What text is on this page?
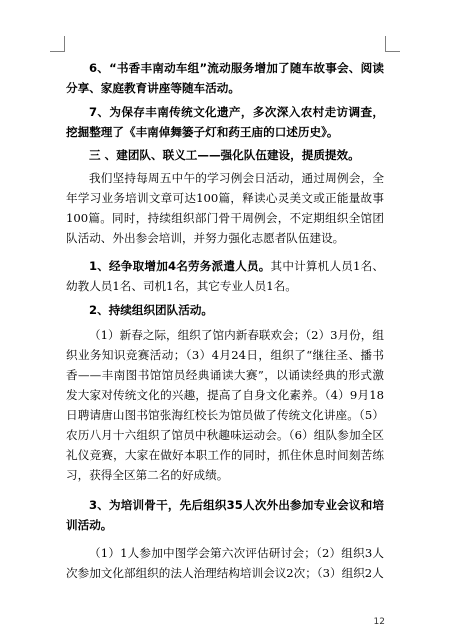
6、“书香丰南动车组”流动服务增加了随车故事会、阅读分享、家庭教育讲座等随车活动。
7、为保存丰南传统文化遗产，多次深入农村走访调查，挖掘整理了《丰南倬舞篓子灯和药王庙的口述历史》。
三 、建团队、联义工——强化队伍建设，提质提效。
我们坚持每周五中午的学习例会日活动，通过周例会，全年学习业务培训文章可达100篇，释读心灵美文或正能量故事100篇。同时，持续组织部门骨干周例会，不定期组织全馆团队活动、外出参会培训，并努力强化志愿者队伍建设。
1、经争取增加4名劳务派遣人员。其中计算机人员1名、幼教人员1名、司机1名，其它专业人员1名。
2、持续组织团队活动。
（1）新春之际，组织了馆内新春联欢会；（2）3月份，组织业务知识竞赛活动；（3）4月24日，组织了“继往圣、播书香——丰南图书馆馆员经典诵读大赛”，以诵读经典的形式激发大家对传统文化的兴趣，提高了自身文化素养。（4）9月18日聘请唐山图书馆张海红校长为馆员做了传统文化讲座。（5）农历八月十六组织了馆员中秋趣味运动会。（6）组队参加全区礼仪竞赛，大家在做好本职工作的同时，抓住休息时间刻苦练习，获得全区第二名的好成绩。
3、为培训骨干，先后组织35人次外出参加专业会议和培训活动。
（1）1人参加中图学会第六次评估研讨会；（2）组织3人次参加文化部组织的法人治理结构培训会议2次；（3）组织2人
12
